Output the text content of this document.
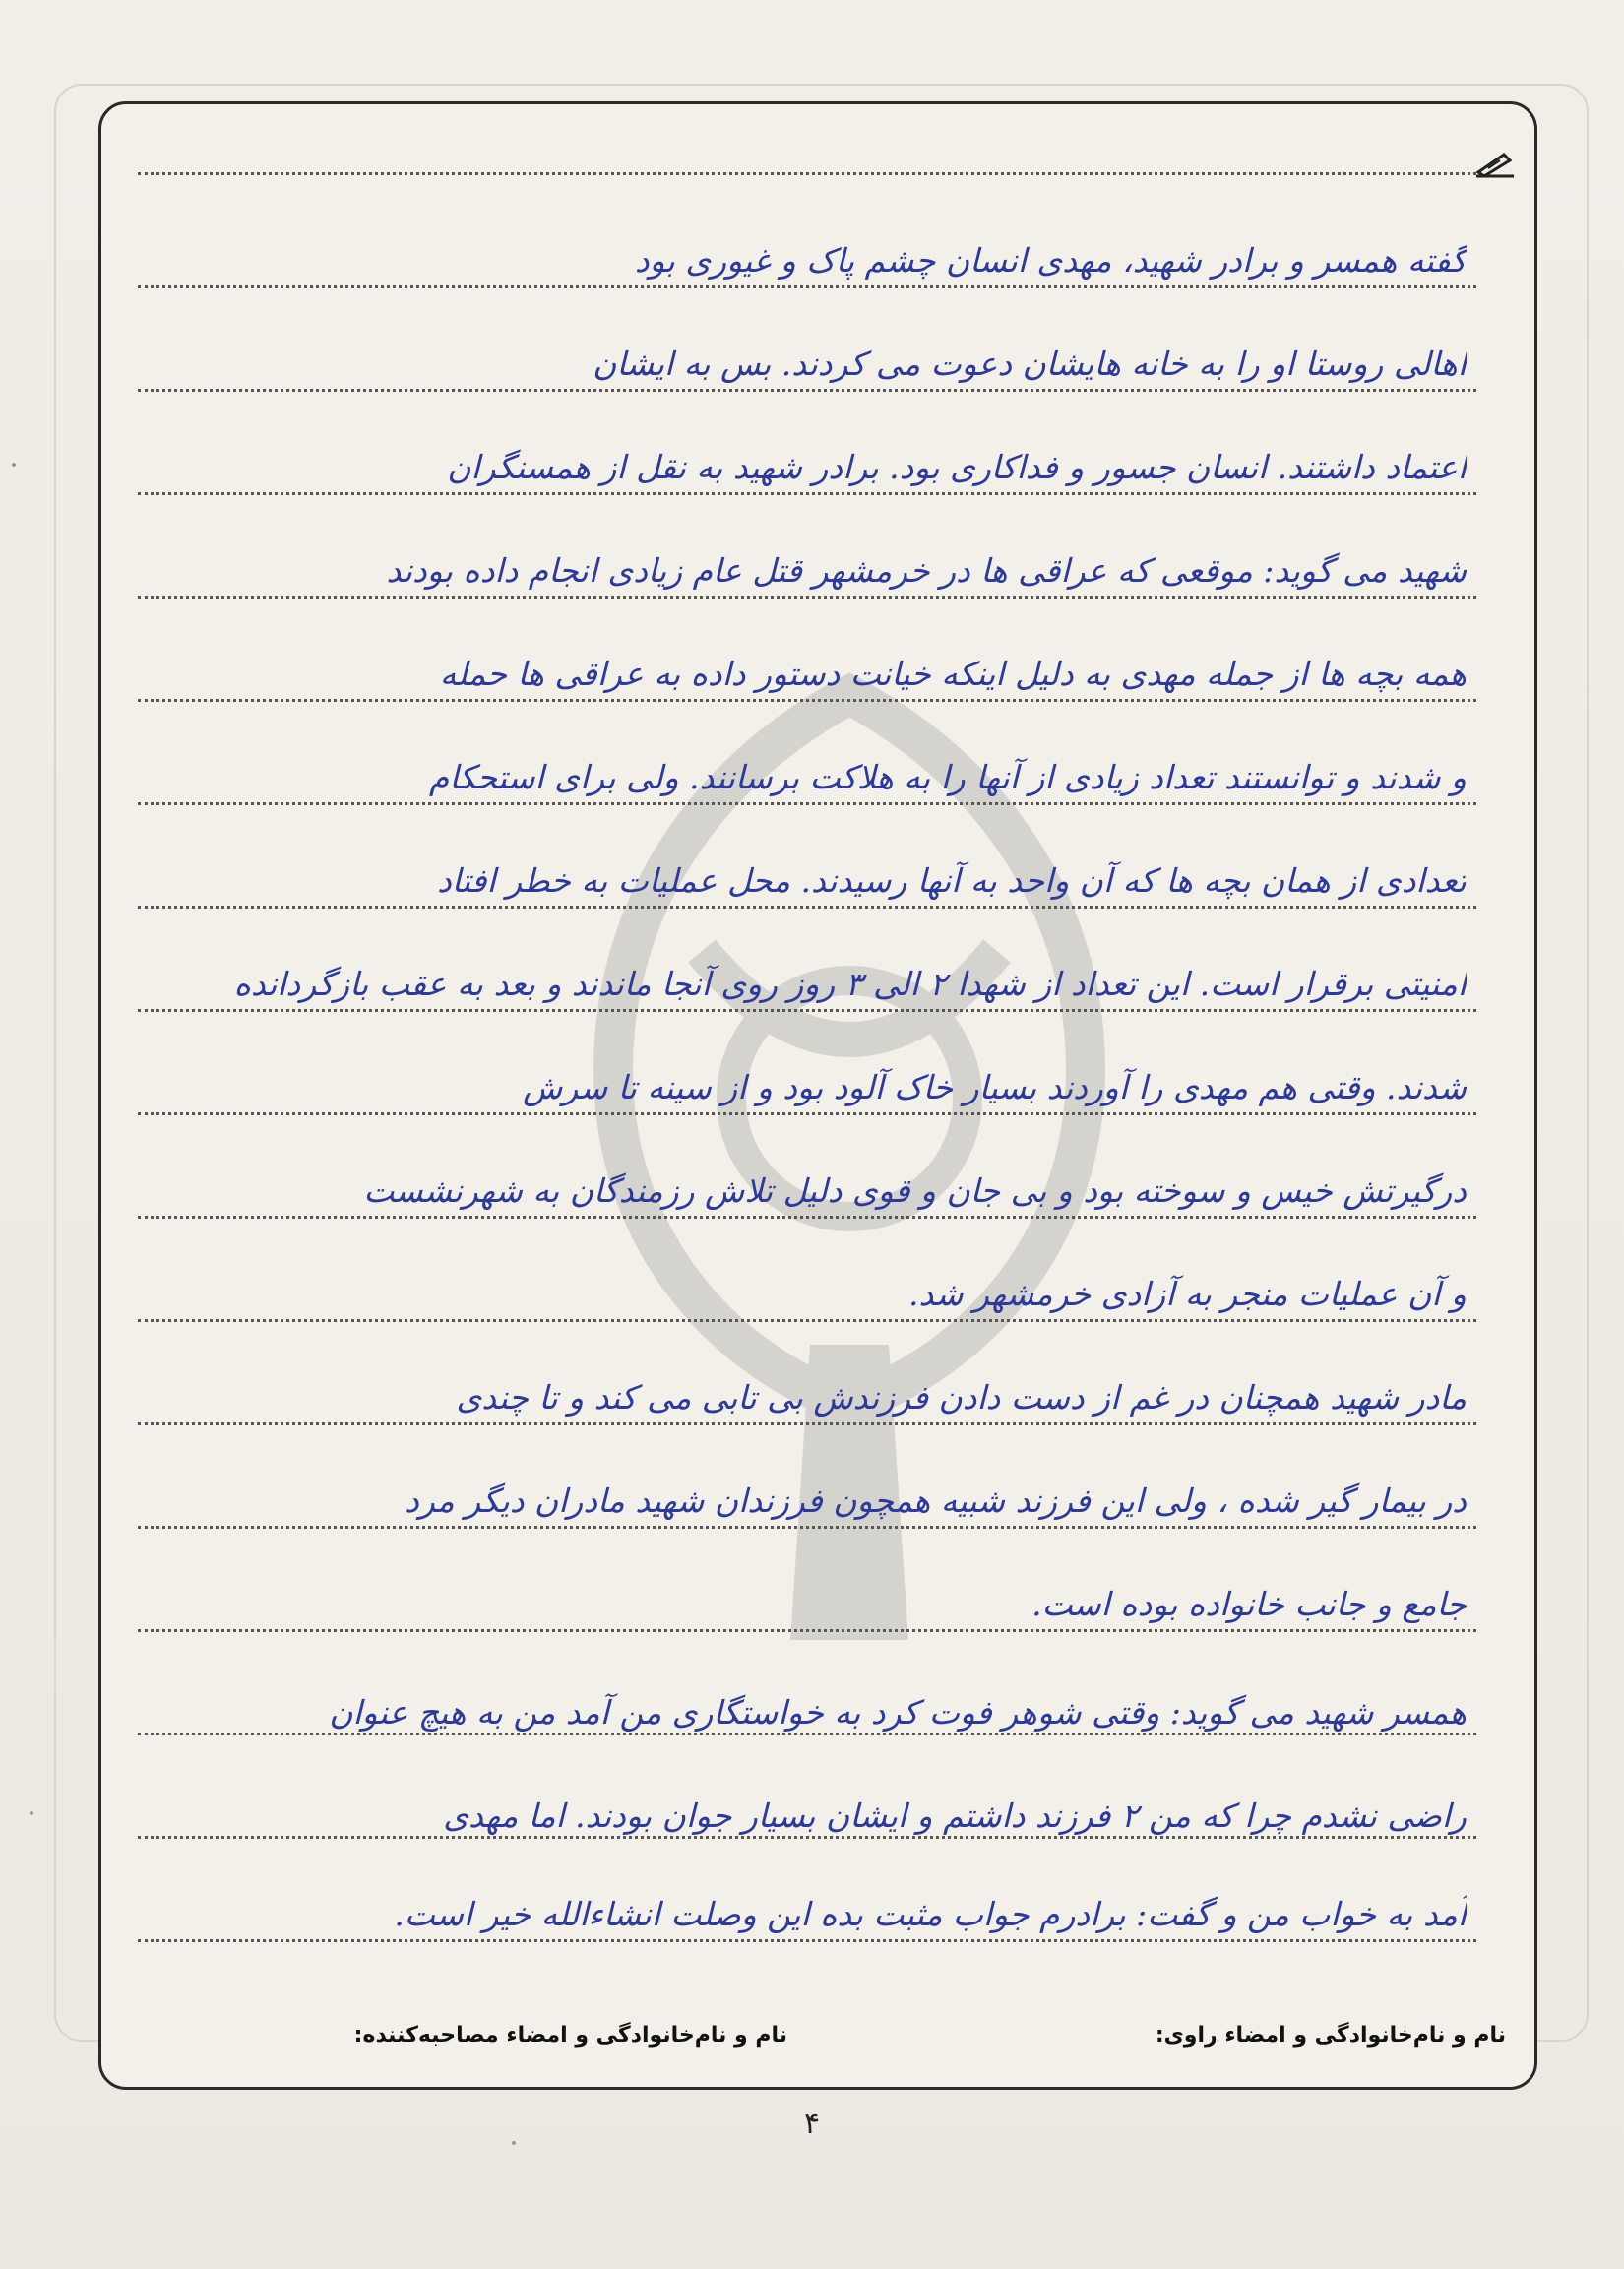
گفته همسر و برادر شهید، مهدی انسان چشم پاک و غیوری بود
اهالی روستا او را به خانه هایشان دعوت می کردند. بس به ایشان
اعتماد داشتند. انسان جسور و فداکاری بود. برادر شهید به نقل از همسنگران
شهید می گوید: موقعی که عراقی ها در خرمشهر قتل عام زیادی انجام داده بودند
همه بچه ها از جمله مهدی به دلیل اینکه خیانت دستور داده به عراقی ها حمله
و شدند و توانستند تعداد زیادی از آنها را به هلاکت برسانند. ولی برای استحکام
تعدادی از همان بچه ها که آن واحد به آنها رسیدند. محل عملیات به خطر افتاد
امنیتی برقرار است. این تعداد از شهدا ۲ الی ۳ روز روی آنجا ماندند و بعد به عقب بازگردانده
شدند. وقتی هم مهدی را آوردند بسیار خاک آلود بود و از سینه تا سرش
درگیرتش خیس و سوخته بود و بی جان و قوی دلیل تلاش رزمندگان به شهرنشست
و آن عملیات منجر به آزادی خرمشهر شد.
مادر شهید همچنان در غم از دست دادن فرزندش بی تابی می کند و تا چندی
در بیمار گیر شده ، ولی این فرزند شبیه همچون فرزندان شهید مادران دیگر مرد
جامع و جانب خانواده بوده است.
همسر شهید می گوید: وقتی شوهر فوت کرد به خواستگاری من آمد من به هیچ عنوان
راضی نشدم چرا که من ۲ فرزند داشتم و ایشان بسیار جوان بودند. اما مهدی
آمد به خواب من و گفت: برادرم جواب مثبت بده این وصلت انشاءالله خیر است.
نام و نام‌خانوادگی و امضاء راوی:
نام و نام‌خانوادگی و امضاء مصاحبه‌کننده:
۴
